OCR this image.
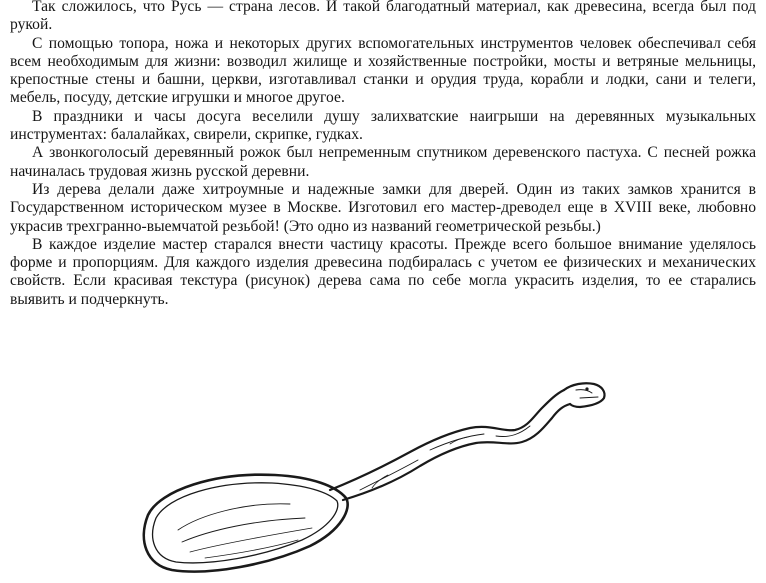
Так сложилось, что Русь — страна лесов. И такой благодатный материал, как древесина, всегда был под рукой.

С помощью топора, ножа и некоторых других вспомогательных инструментов человек обеспечивал себя всем необходимым для жизни: возводил жилище и хозяйственные постройки, мосты и ветряные мельницы, крепостные стены и башни, церкви, изготавливал станки и орудия труда, корабли и лодки, сани и телеги, мебель, посуду, детские игрушки и многое другое.

В праздники и часы досуга веселили душу залихватские наигрыши на деревянных музыкальных инструментах: балалайках, свирели, скрипке, гудках.

А звонкоголосый деревянный рожок был непременным спутником деревенского пастуха. С песней рожка начиналась трудовая жизнь русской деревни.

Из дерева делали даже хитроумные и надежные замки для дверей. Один из таких замков хранится в Государственном историческом музее в Москве. Изготовил его мастер-древодел еще в XVIII веке, любовно украсив трехгранно-выемчатой резьбой! (Это одно из названий геометрической резьбы.)

В каждое изделие мастер старался внести частицу красоты. Прежде всего большое внимание уделялось форме и пропорциям. Для каждого изделия древесина подбиралась с учетом ее физических и механических свойств. Если красивая текстура (рисунок) дерева сама по себе могла украсить изделия, то ее старались выявить и подчеркнуть.
